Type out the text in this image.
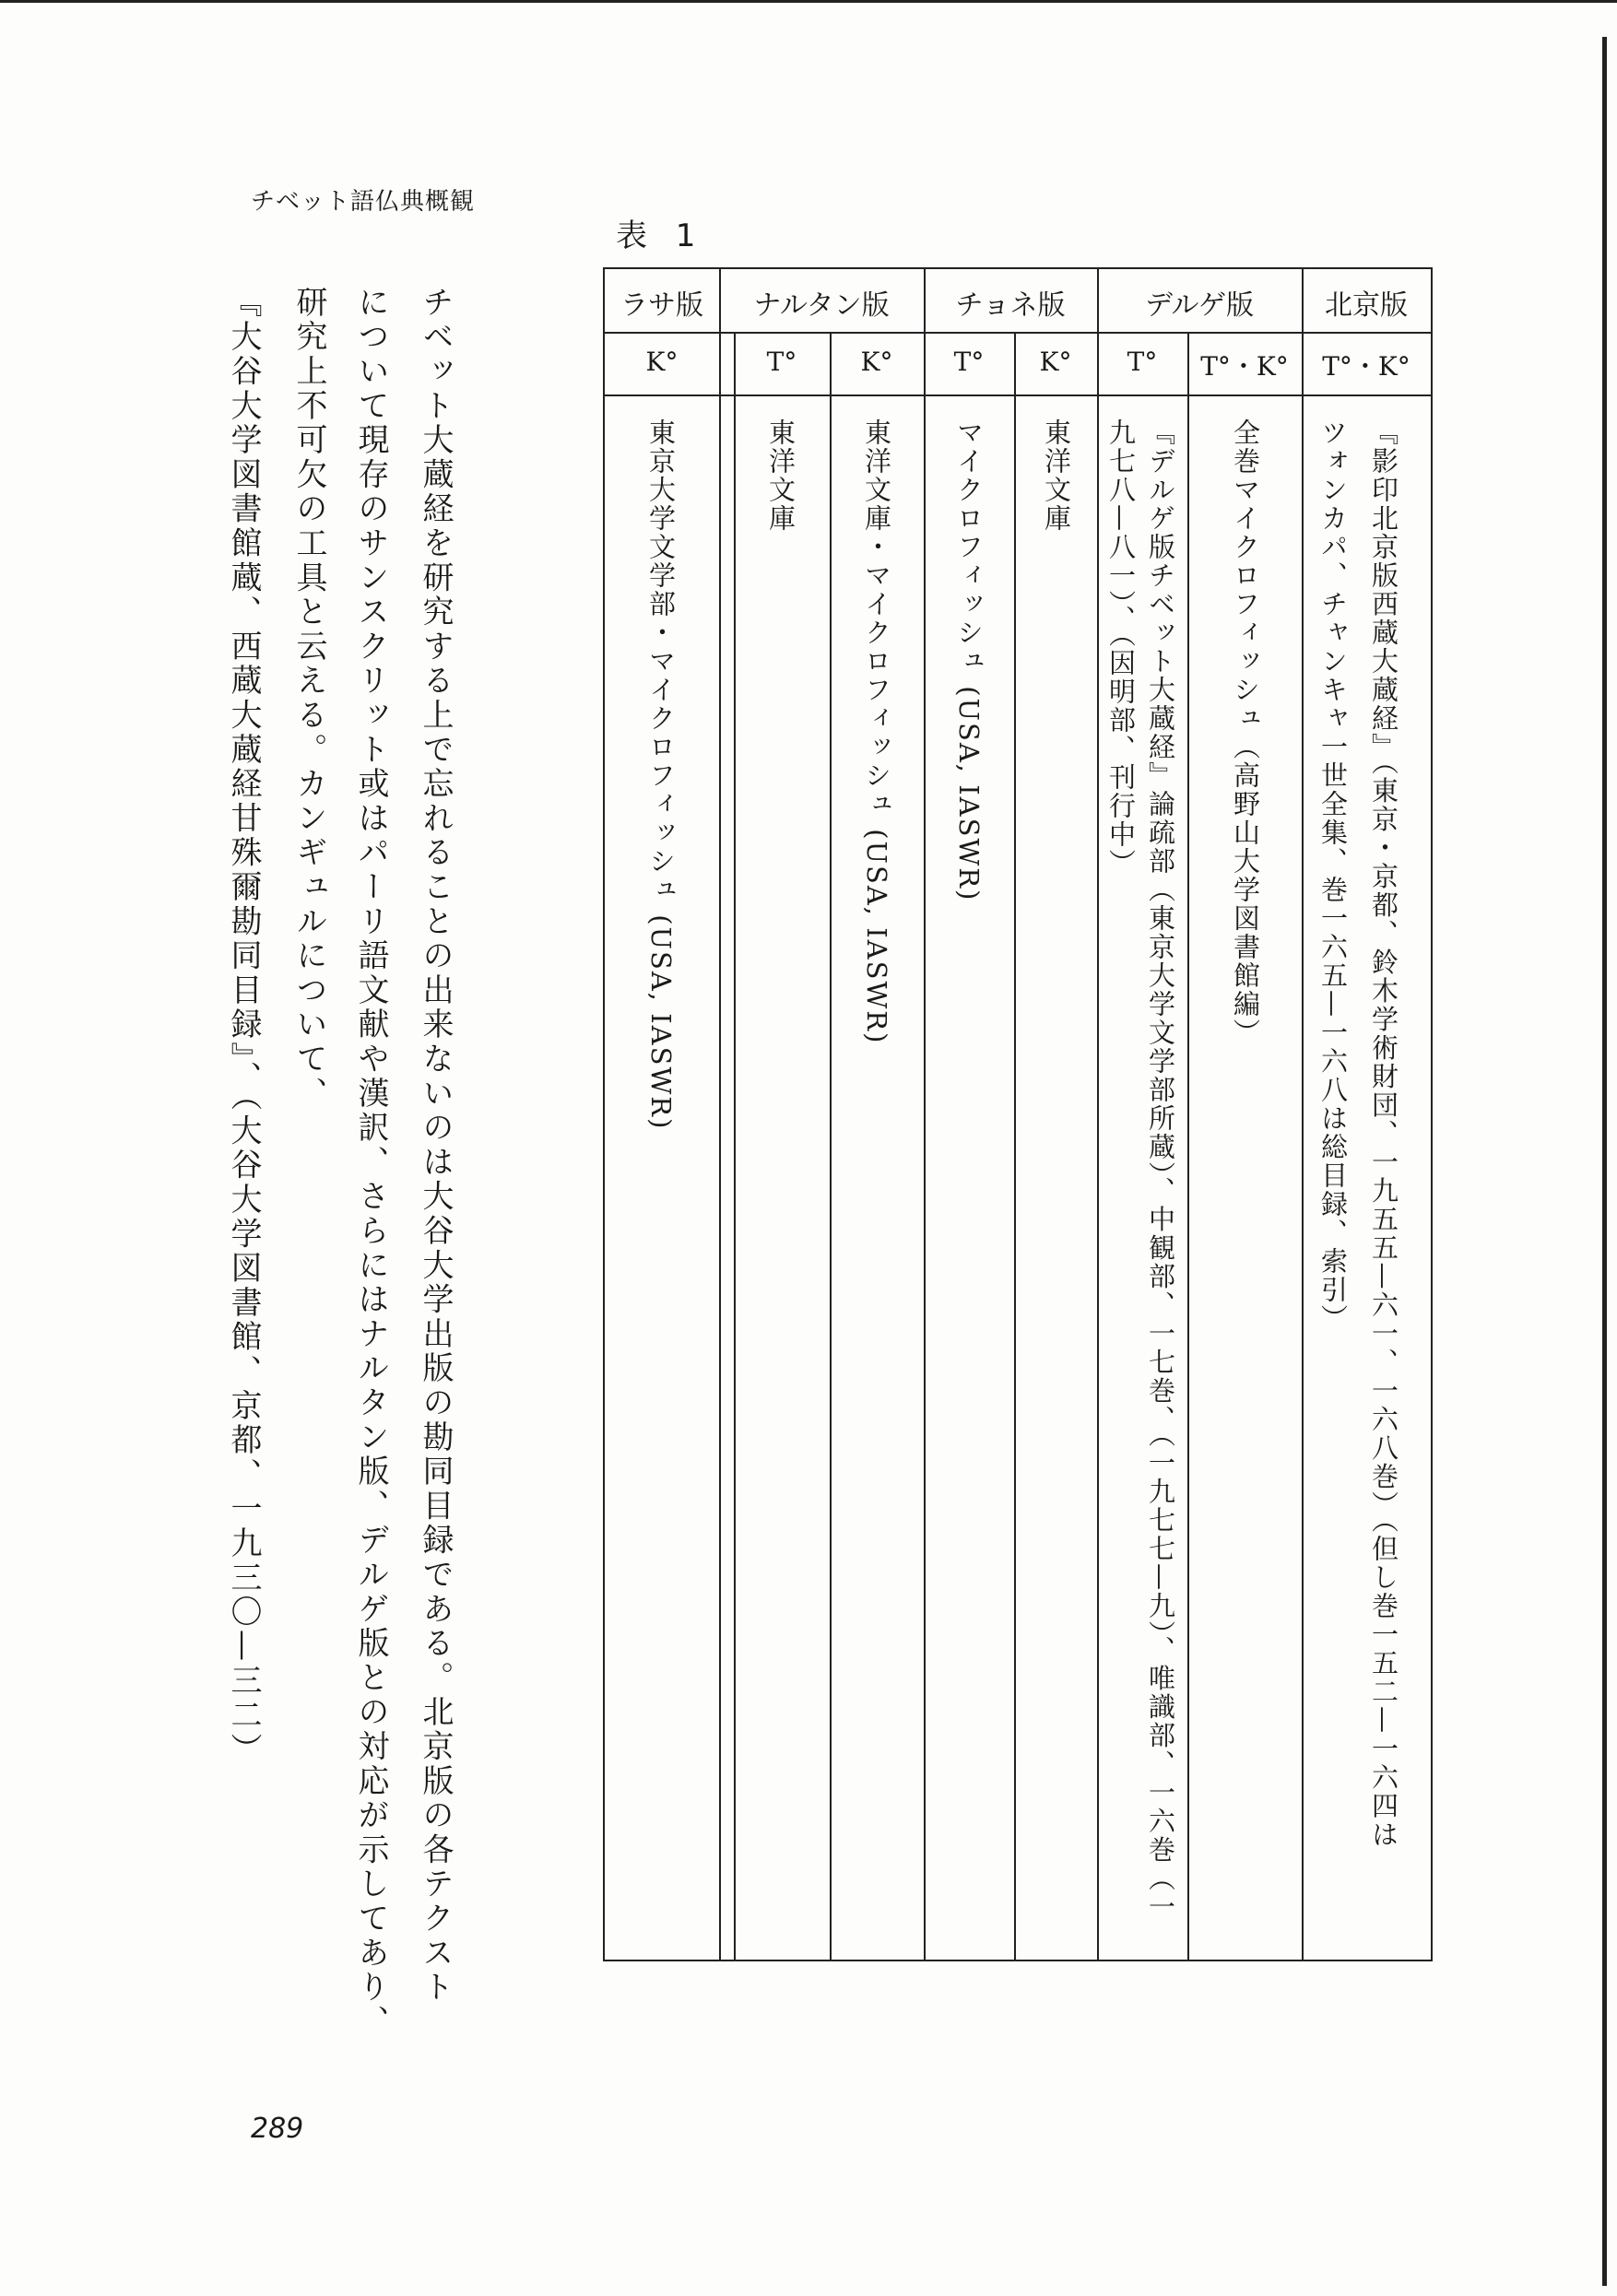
チベット語仏典概観
チベット大蔵経を研究する上で忘れることの出来ないのは大谷大学出版の勘同目録である。北京版の各テクスト
について現存のサンスクリット或はパーリ語文献や漢訳、さらにはナルタン版、デルゲ版との対応が示してあり、
研究上不可欠の工具と云える。カンギュルについて、
『大谷大学図書館蔵、西蔵大蔵経甘殊爾勘同目録』、（大谷大学図書館、京都、一九三〇—三二）
表 1
北京版
デルゲ版
チョネ版
ナルタン版
ラサ版
T°・K°
T°・K°
T°
K°
T°
K°
T°
K°
『影印北京版西蔵大蔵経』（東京・京都、鈴木学術財団、一九五五—六一、一六八巻）（但し巻一五二—一六四は
ツォンカパ、チャンキャ一世全集、巻一六五—一六八は総目録、索引）
全巻マイクロフィッシュ（高野山大学図書館編）
『デルゲ版チベット大蔵経』論疏部（東京大学文学部所蔵）、中観部、一七巻、（一九七七—九）、唯識部、一六巻（一
九七八—八一）、（因明部、刊行中）
東洋文庫
マイクロフィッシュ (USA, IASWR)
東洋文庫・マイクロフィッシュ (USA, IASWR)
東洋文庫
東京大学文学部・マイクロフィッシュ (USA, IASWR)
289
